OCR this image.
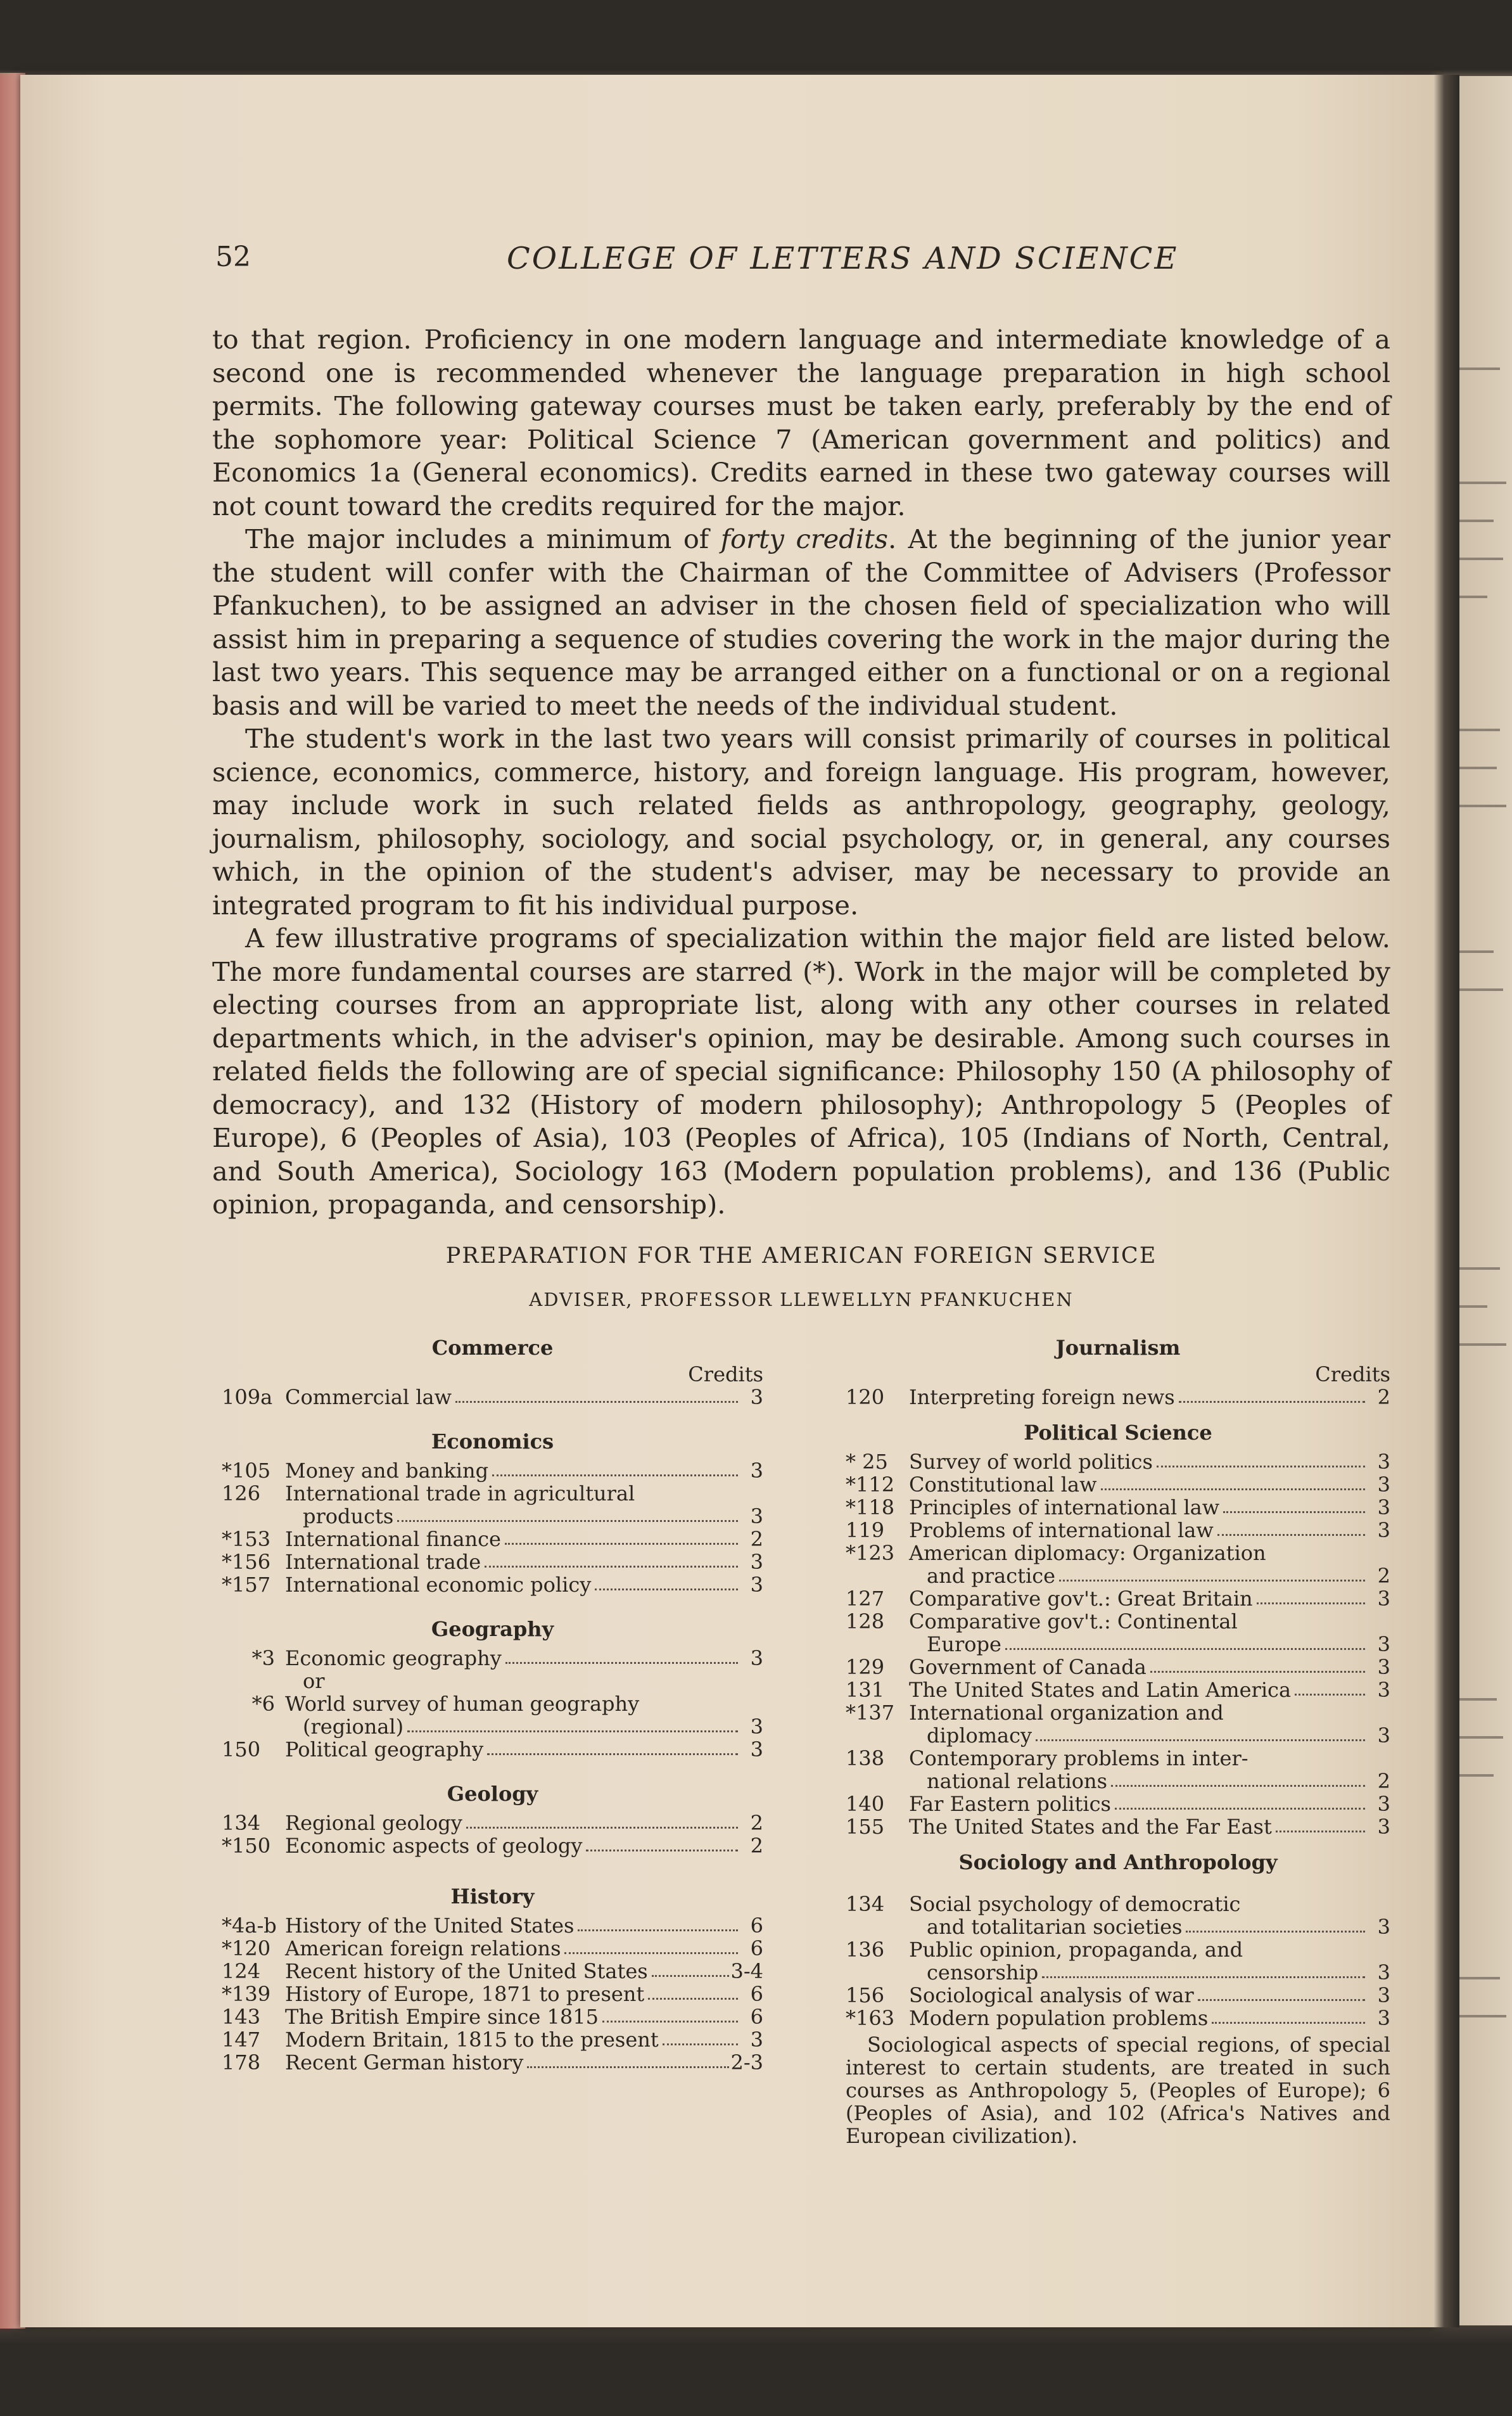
52	COLLEGE OF LETTERS AND SCIENCE

to that region. Proficiency in one modern language and intermediate knowledge of a second one is recommended whenever the language preparation in high school permits. The following gateway courses must be taken early, preferably by the end of the sophomore year: Political Science 7 (American government and politics) and Economics 1a (General economics). Credits earned in these two gateway courses will not count toward the credits required for the major.

The major includes a minimum of forty credits. At the beginning of the junior year the student will confer with the Chairman of the Committee of Advisers (Professor Pfankuchen), to be assigned an adviser in the chosen field of specialization who will assist him in preparing a sequence of studies covering the work in the major during the last two years. This sequence may be arranged either on a functional or on a regional basis and will be varied to meet the needs of the individual student.

The student's work in the last two years will consist primarily of courses in political science, economics, commerce, history, and foreign language. His program, however, may include work in such related fields as anthropology, geography, geology, journalism, philosophy, sociology, and social psychology, or, in general, any courses which, in the opinion of the student's adviser, may be necessary to provide an integrated program to fit his individual purpose.

A few illustrative programs of specialization within the major field are listed below. The more fundamental courses are starred (*). Work in the major will be completed by electing courses from an appropriate list, along with any other courses in related departments which, in the adviser's opinion, may be desirable. Among such courses in related fields the following are of special significance: Philosophy 150 (A philosophy of democracy), and 132 (History of modern philosophy); Anthropology 5 (Peoples of Europe), 6 (Peoples of Asia), 103 (Peoples of Africa), 105 (Indians of North, Central, and South America), Sociology 163 (Modern population problems), and 136 (Public opinion, propaganda, and censorship).

PREPARATION FOR THE AMERICAN FOREIGN SERVICE
ADVISER, PROFESSOR LLEWELLYN PFANKUCHEN
Commerce
Credits
109a Commercial law	3
Economics
*105 Money and banking	3
126	International trade in agricultural
products	3
*153 International finance	2
*156 International trade	3
*157 International economic policy	3
Geography
*3 Economic geography	3
or
*6 World survey of human geography
(regional)	3
150	Political geography	3
Geology
134	Regional geology	2
*150 Economic aspects of geology	2
History
*4a-b History of the United States	6
*120 American foreign relations	6
124	Recent history of the United States	3-4
*139 History of Europe, 1871 to present	6
143	The British Empire since 1815	6
147	Modern Britain, 1815 to the present	3
178	Recent German history	2-3
Journalism
Credits
120	Interpreting foreign news	2
Political Science
* 25	Survey of world politics	3
*112 Constitutional law	3
*118 Principles of international law	3
119	Problems of international law	3
*123 American diplomacy: Organization
and practice	2
127	Comparative gov't.: Great Britain	3
128	Comparative gov't.: Continental
Europe	3
129	Government of Canada	3
131	The United States and Latin America	3
*137 International organization and
diplomacy	3
138	Contemporary problems in inter-
national relations	2
140	Far Eastern politics	3
155	The United States and the Far East	3
Sociology and Anthropology
134	Social psychology of democratic
and totalitarian societies	3
136	Public opinion, propaganda, and
censorship	3
156	Sociological analysis of war	3
*163 Modern population problems	3
Sociological aspects of special regions, of special interest to certain students, are treated in such courses as Anthropology 5, (Peoples of Europe); 6 (Peoples of Asia), and 102 (Africa's Natives and European civilization).
